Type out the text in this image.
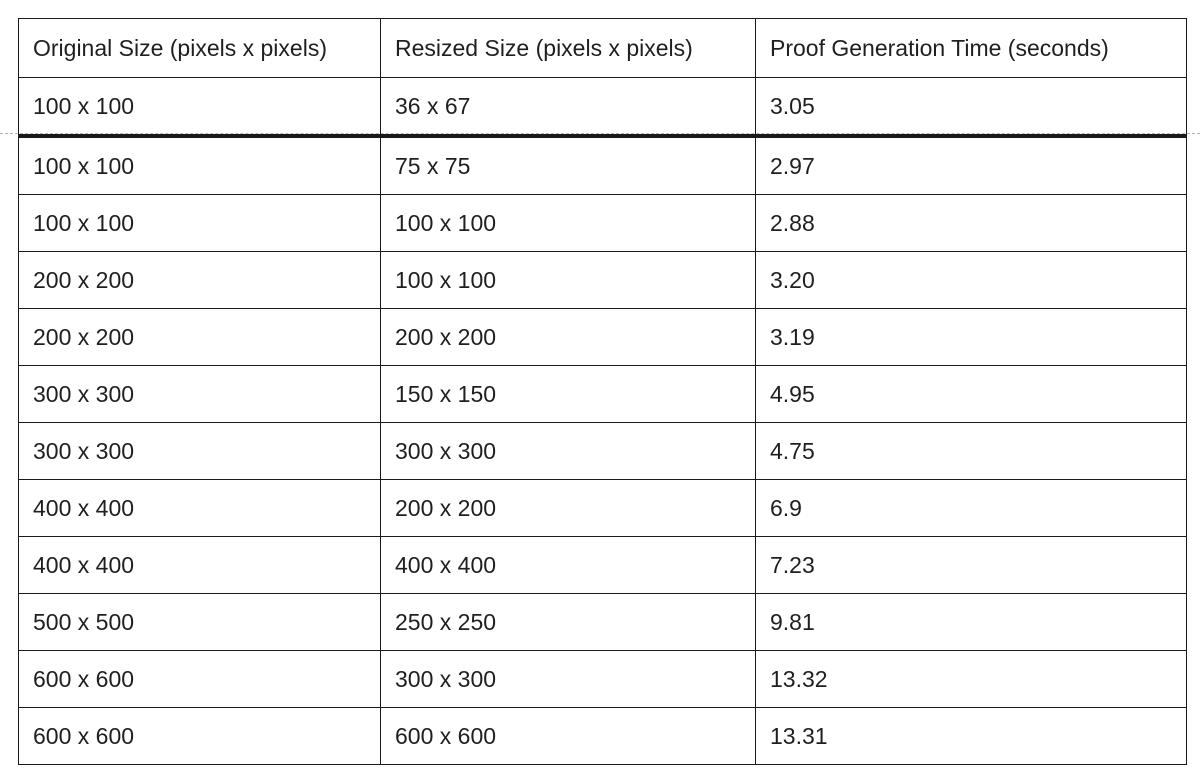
Original Size (pixels x pixels)	Resized Size (pixels x pixels)	Proof Generation Time (seconds)
100 x 100	36 x 67	3.05
100 x 100	75 x 75	2.97
100 x 100	100 x 100	2.88
200 x 200	100 x 100	3.20
200 x 200	200 x 200	3.19
300 x 300	150 x 150	4.95
300 x 300	300 x 300	4.75
400 x 400	200 x 200	6.9
400 x 400	400 x 400	7.23
500 x 500	250 x 250	9.81
600 x 600	300 x 300	13.32
600 x 600	600 x 600	13.31
